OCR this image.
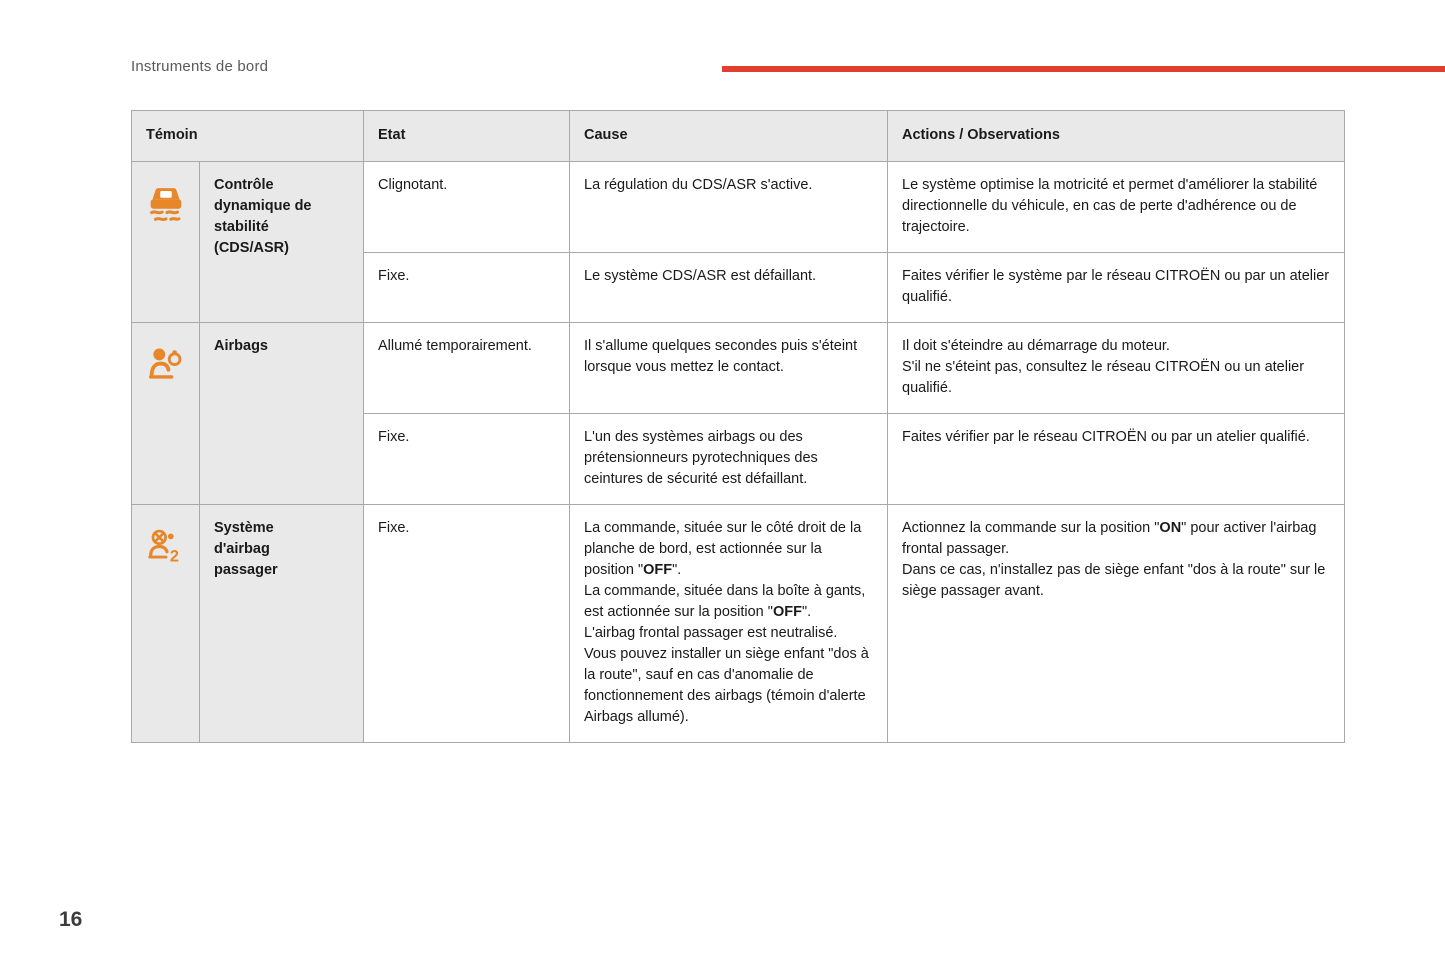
Instruments de bord
Témoin		Etat	Cause	Actions / Observations

Contrôle
dynamique de
stabilité
(CDS/ASR)	Clignotant.	La régulation du CDS/ASR s'active.	Le système optimise la motricité et permet d'améliorer la stabilité directionnelle du véhicule, en cas de perte d'adhérence ou de trajectoire.
		Fixe.	Le système CDS/ASR est défaillant.	Faites vérifier le système par le réseau CITROËN ou par un atelier qualifié.

Airbags	Allumé temporairement.	Il s'allume quelques secondes puis s'éteint lorsque vous mettez le contact.	Il doit s'éteindre au démarrage du moteur.
S'il ne s'éteint pas, consultez le réseau CITROËN ou un atelier qualifié.

		Fixe.	L'un des systèmes airbags ou des prétensionneurs pyrotechniques des ceintures de sécurité est défaillant.	Faites vérifier par le réseau CITROËN ou par un atelier qualifié.

2

Système
d'airbag
passager
	Fixe.	La commande, située sur le côté droit de la planche de bord, est actionnée sur la position "OFF".
La commande, située dans la boîte à gants, est actionnée sur la position "OFF".
L'airbag frontal passager est neutralisé.
Vous pouvez installer un siège enfant "dos à la route", sauf en cas d'anomalie de fonctionnement des airbags (témoin d'alerte Airbags allumé).	Actionnez la commande sur la position "ON" pour activer l'airbag frontal passager.
Dans ce cas, n'installez pas de siège enfant "dos à la route" sur le siège passager avant.
16
